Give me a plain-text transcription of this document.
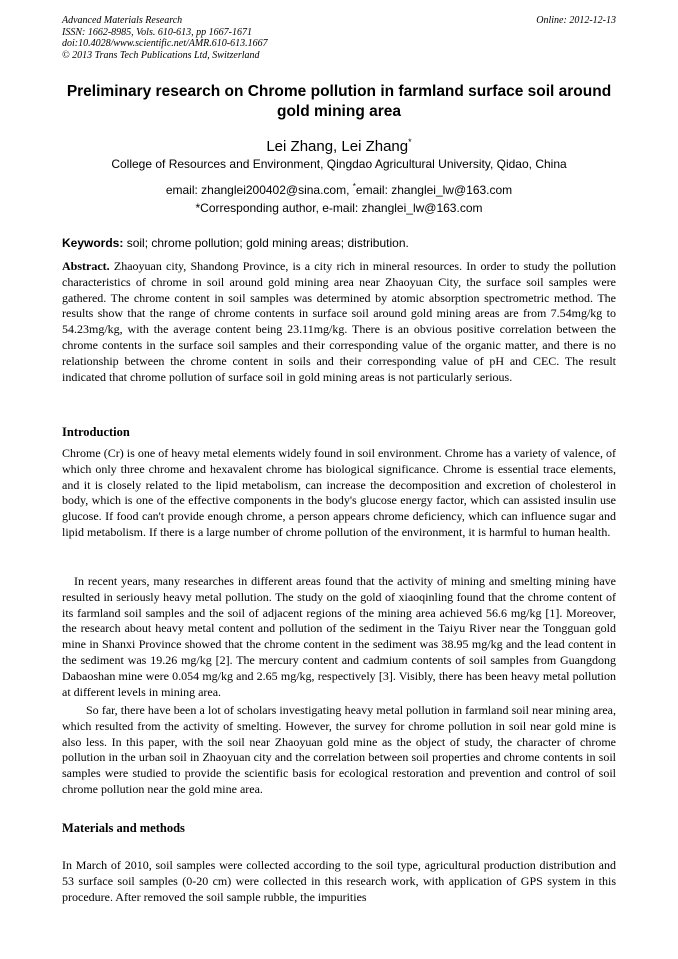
Advanced Materials Research
ISSN: 1662-8985, Vols. 610-613, pp 1667-1671
doi:10.4028/www.scientific.net/AMR.610-613.1667
© 2013 Trans Tech Publications Ltd, Switzerland
Online: 2012-12-13
Preliminary research on Chrome pollution in farmland surface soil around gold mining area
Lei Zhang, Lei Zhang*
College of Resources and Environment, Qingdao Agricultural University, Qidao, China
email: zhanglei200402@sina.com, *email: zhanglei_lw@163.com
*Corresponding author, e-mail: zhanglei_lw@163.com
Keywords: soil; chrome pollution; gold mining areas; distribution.
Abstract. Zhaoyuan city, Shandong Province, is a city rich in mineral resources. In order to study the pollution characteristics of chrome in soil around gold mining area near Zhaoyuan City, the surface soil samples were gathered. The chrome content in soil samples was determined by atomic absorption spectrometric method. The results show that the range of chrome contents in surface soil around gold mining areas are from 7.54mg/kg to 54.23mg/kg, with the average content being 23.11mg/kg. There is an obvious positive correlation between the chrome contents in the surface soil samples and their corresponding value of the organic matter, and there is no relationship between the chrome content in soils and their corresponding value of pH and CEC. The result indicated that chrome pollution of surface soil in gold mining areas is not particularly serious.
Introduction

Chrome (Cr) is one of heavy metal elements widely found in soil environment. Chrome has a variety of valence, of which only three chrome and hexavalent chrome has biological significance. Chrome is essential trace elements, and it is closely related to the lipid metabolism, can increase the decomposition and excretion of cholesterol in body, which is one of the effective components in the body's glucose energy factor, which can assisted insulin use glucose. If food can't provide enough chrome, a person appears chrome deficiency, which can influence sugar and lipid metabolism. If there is a large number of chrome pollution of the environment, it is harmful to human health.

In recent years, many researches in different areas found that the activity of mining and smelting mining have resulted in seriously heavy metal pollution. The study on the gold of xiaoqinling found that the chrome content of its farmland soil samples and the soil of adjacent regions of the mining area achieved 56.6 mg/kg [1]. Moreover, the research about heavy metal content and pollution of the sediment in the Taiyu River near the Tongguan gold mine in Shanxi Province showed that the chrome content in the sediment was 38.95 mg/kg and the lead content in the sediment was 19.26 mg/kg [2]. The mercury content and cadmium contents of soil samples from Guangdong Dabaoshan mine were 0.054 mg/kg and 2.65 mg/kg, respectively [3]. Visibly, there has been heavy metal pollution at different levels in mining area.

So far, there have been a lot of scholars investigating heavy metal pollution in farmland soil near mining area, which resulted from the activity of smelting. However, the survey for chrome pollution in soil near gold mine is also less. In this paper, with the soil near Zhaoyuan gold mine as the object of study, the character of chrome pollution in the urban soil in Zhaoyuan city and the correlation between soil properties and chrome contents in soil samples were studied to provide the scientific basis for ecological restoration and prevention and control of soil chrome pollution near the gold mine area.

Materials and methods

In March of 2010, soil samples were collected according to the soil type, agricultural production distribution and 53 surface soil samples (0-20 cm) were collected in this research work, with application of GPS system in this procedure. After removed the soil sample rubble, the impurities
